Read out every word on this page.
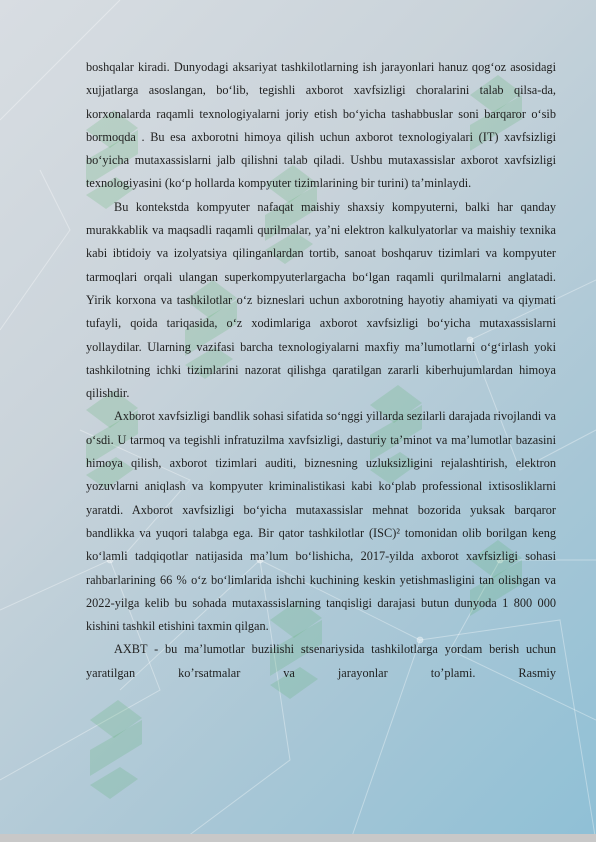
boshqalar kiradi. Dunyodagi aksariyat tashkilotlarning ish jarayonlari hanuz qog‘oz asosidagi xujjatlarga asoslangan, bo‘lib, tegishli axborot xavfsizligi choralarini talab qilsa-da, korxonalarda raqamli texnologiyalarni joriy etish bo‘yicha tashabbuslar soni barqaror o‘sib bormoqda . Bu esa axborotni himoya qilish uchun axborot texnologiyalari (IT) xavfsizligi bo‘yicha mutaxassislarni jalb qilishni talab qiladi. Ushbu mutaxassislar axborot xavfsizligi texnologiyasini (ko‘p hollarda kompyuter tizimlarining bir turini) ta’minlaydi.

Bu kontekstda kompyuter nafaqat maishiy shaxsiy kompyuterni, balki har qanday murakkablik va maqsadli raqamli qurilmalar, ya’ni elektron kalkulyatorlar va maishiy texnika kabi ibtidoiy va izolyatsiya qilinganlardan tortib, sanoat boshqaruv tizimlari va kompyuter tarmoqlari orqali ulangan superkompyuterlargacha bo‘lgan raqamli qurilmalarni anglatadi. Yirik korxona va tashkilotlar o‘z bizneslari uchun axborotning hayotiy ahamiyati va qiymati tufayli, qoida tariqasida, o‘z xodimlariga axborot xavfsizligi bo‘yicha mutaxassislarni yollaydilar. Ularning vazifasi barcha texnologiyalarni maxfiy ma’lumotlarni o‘g‘irlash yoki tashkilotning ichki tizimlarini nazorat qilishga qaratilgan zararli kiberhujumlardan himoya qilishdir.

Axborot xavfsizligi bandlik sohasi sifatida so‘nggi yillarda sezilarli darajada rivojlandi va o‘sdi. U tarmoq va tegishli infratuzilma xavfsizligi, dasturiy ta’minot va ma’lumotlar bazasini himoya qilish, axborot tizimlari auditi, biznesning uzluksizligini rejalashtirish, elektron yozuvlarni aniqlash va kompyuter kriminalistikasi kabi ko‘plab professional ixtisosliklarni yaratdi. Axborot xavfsizligi bo‘yicha mutaxassislar mehnat bozorida yuksak barqaror bandlikka va yuqori talabga ega. Bir qator tashkilotlar (ISC)² tomonidan olib borilgan keng ko‘lamli tadqiqotlar natijasida ma’lum bo‘lishicha, 2017-yilda axborot xavfsizligi sohasi rahbarlarining 66 % o‘z bo‘limlarida ishchi kuchining keskin yetishmasligini tan olishgan va 2022-yilga kelib bu sohada mutaxassislarning tanqisligi darajasi butun dunyoda 1 800 000 kishini tashkil etishini taxmin qilgan.

AXBT - bu ma’lumotlar buzilishi stsenariysida tashkilotlarga yordam berish uchun yaratilgan ko’rsatmalar va jarayonlar to’plami. Rasmiy
